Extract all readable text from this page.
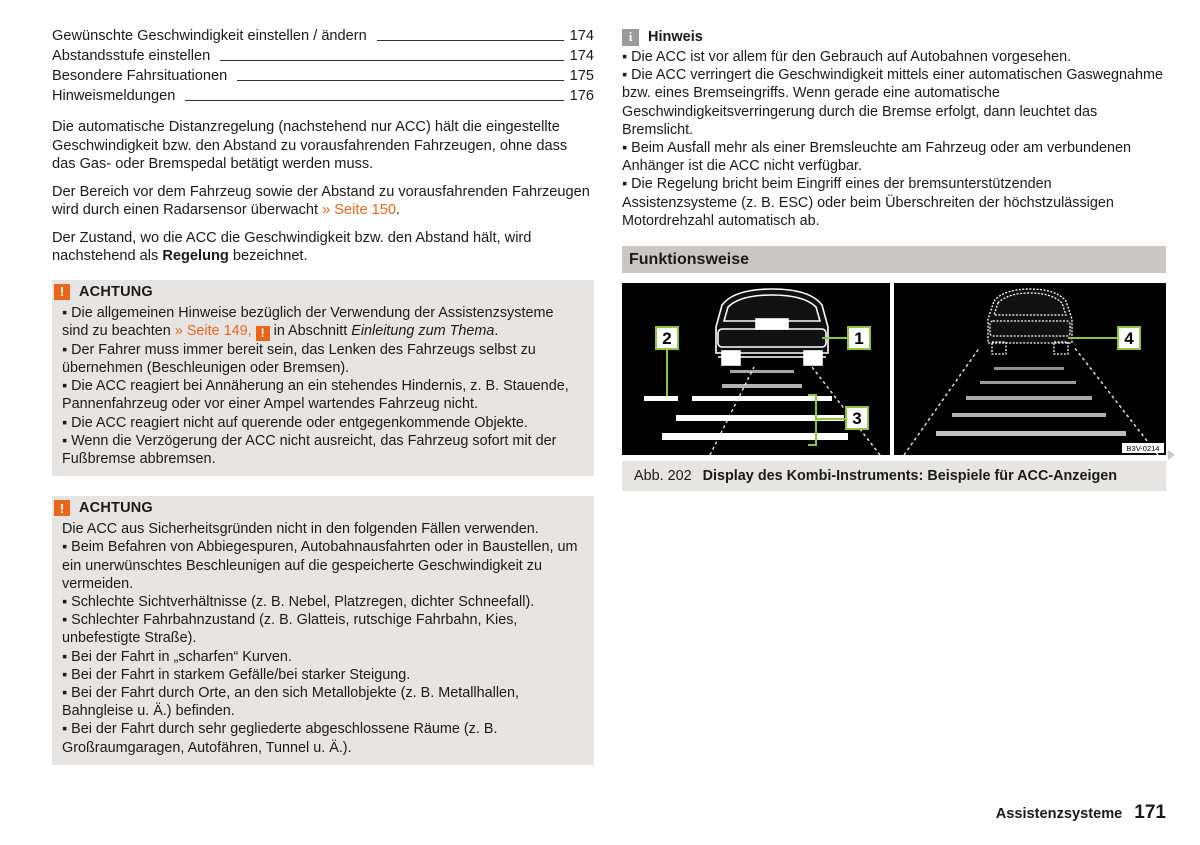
Gewünschte Geschwindigkeit einstellen / ändern	174
Abstandsstufe einstellen	174
Besondere Fahrsituationen	175
Hinweismeldungen	176

Die automatische Distanzregelung (nachstehend nur ACC) hält die eingestellte Geschwindigkeit bzw. den Abstand zu vorausfahrenden Fahrzeugen, ohne dass das Gas- oder Bremspedal betätigt werden muss.

Der Bereich vor dem Fahrzeug sowie der Abstand zu vorausfahrenden Fahrzeugen wird durch einen Radarsensor überwacht » Seite 150.

Der Zustand, wo die ACC die Geschwindigkeit bzw. den Abstand hält, wird nachstehend als Regelung bezeichnet.

!	ACHTUNG
▪ Die allgemeinen Hinweise bezüglich der Verwendung der Assistenzsysteme sind zu beachten » Seite 149, ! in Abschnitt Einleitung zum Thema.
▪ Der Fahrer muss immer bereit sein, das Lenken des Fahrzeugs selbst zu übernehmen (Beschleunigen oder Bremsen).
▪ Die ACC reagiert bei Annäherung an ein stehendes Hindernis, z. B. Stauende, Pannenfahrzeug oder vor einer Ampel wartendes Fahrzeug nicht.
▪ Die ACC reagiert nicht auf querende oder entgegenkommende Objekte.
▪ Wenn die Verzögerung der ACC nicht ausreicht, das Fahrzeug sofort mit der Fußbremse abbremsen.
!	ACHTUNG
Die ACC aus Sicherheitsgründen nicht in den folgenden Fällen verwenden.
▪ Beim Befahren von Abbiegespuren, Autobahnausfahrten oder in Baustellen, um ein unerwünschtes Beschleunigen auf die gespeicherte Geschwindigkeit zu vermeiden.
▪ Schlechte Sichtverhältnisse (z. B. Nebel, Platzregen, dichter Schneefall).
▪ Schlechter Fahrbahnzustand (z. B. Glatteis, rutschige Fahrbahn, Kies, unbefestigte Straße).
▪ Bei der Fahrt in „scharfen“ Kurven.
▪ Bei der Fahrt in starkem Gefälle/bei starker Steigung.
▪ Bei der Fahrt durch Orte, an den sich Metallobjekte (z. B. Metallhallen, Bahngleise u. Ä.) befinden.
▪ Bei der Fahrt durch sehr gegliederte abgeschlossene Räume (z. B. Großraumgaragen, Autofähren, Tunnel u. Ä.).
i	Hinweis
▪ Die ACC ist vor allem für den Gebrauch auf Autobahnen vorgesehen.
▪ Die ACC verringert die Geschwindigkeit mittels einer automatischen Gaswegnahme bzw. eines Bremseingriffs. Wenn gerade eine automatische Geschwindigkeitsverringerung durch die Bremse erfolgt, dann leuchtet das Bremslicht.
▪ Beim Ausfall mehr als einer Bremsleuchte am Fahrzeug oder am verbundenen Anhänger ist die ACC nicht verfügbar.
▪ Die Regelung bricht beim Eingriff eines der bremsunterstützenden Assistenzsysteme (z. B. ESC) oder beim Überschreiten der höchstzulässigen Motordrehzahl automatisch ab.
Funktionsweise
1
2
3
4
B3V-0214
Abb. 202 Display des Kombi-Instruments: Beispiele für ACC-Anzeigen
Assistenzsysteme 171
